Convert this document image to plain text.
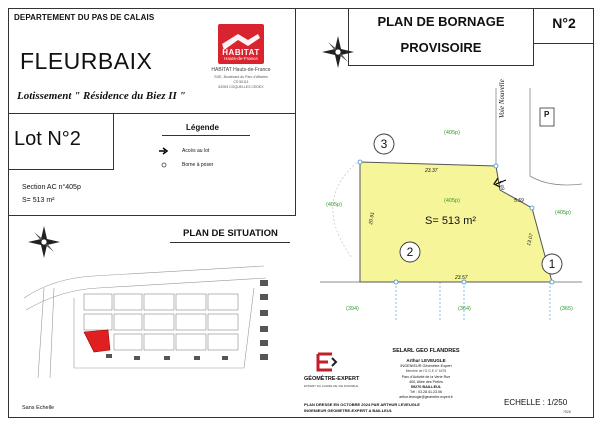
DEPARTEMENT DU PAS DE CALAIS
FLEURBAIX
Lotissement " Résidence du Biez II "
HABITAT
Hauts-de-France
HABITAT Hauts-de-France
SGE, Boulevard du Parc d'Affaires
CS 50111
62053 COQUELLES CEDEX
Lot N°2
Section AC n°405p
S= 513 m²
Légende
Accès au lot
Borne à poser
PLAN DE SITUATION
Sans Echelle
PLAN DE BORNAGE
PROVISOIRE
N°2
Voie Nouvelle	P
3
2
1
S= 513 m²
(405p)
(405p)
(405p)
(405p)
(394)	(364)	(365)
23.37
23.57
20.91
13.07
5.59
5.59
GÉOMÈTRE-EXPERT
EXPERT DU CADRE DE VIE DURABLE
SELARL GEO FLANDRES
Arthur LEVEUGLE
INGENIEUR Géomètre-Expert
Membre de l'O.G.E n° 6478
Parc d'Activité de la Verte Rue
400, Allée des Prêles
59270 BAILLEUL
Tél : 03.28.41.23.06
arthur.leveugle@geometre-expert.fr
PLAN DRESSE EN OCTOBRE 2024 PAR ARTHUR LEVEUGLE
INGENIEUR GEOMETRE-EXPERT A BAILLEUL
ECHELLE : 1/250
7526
